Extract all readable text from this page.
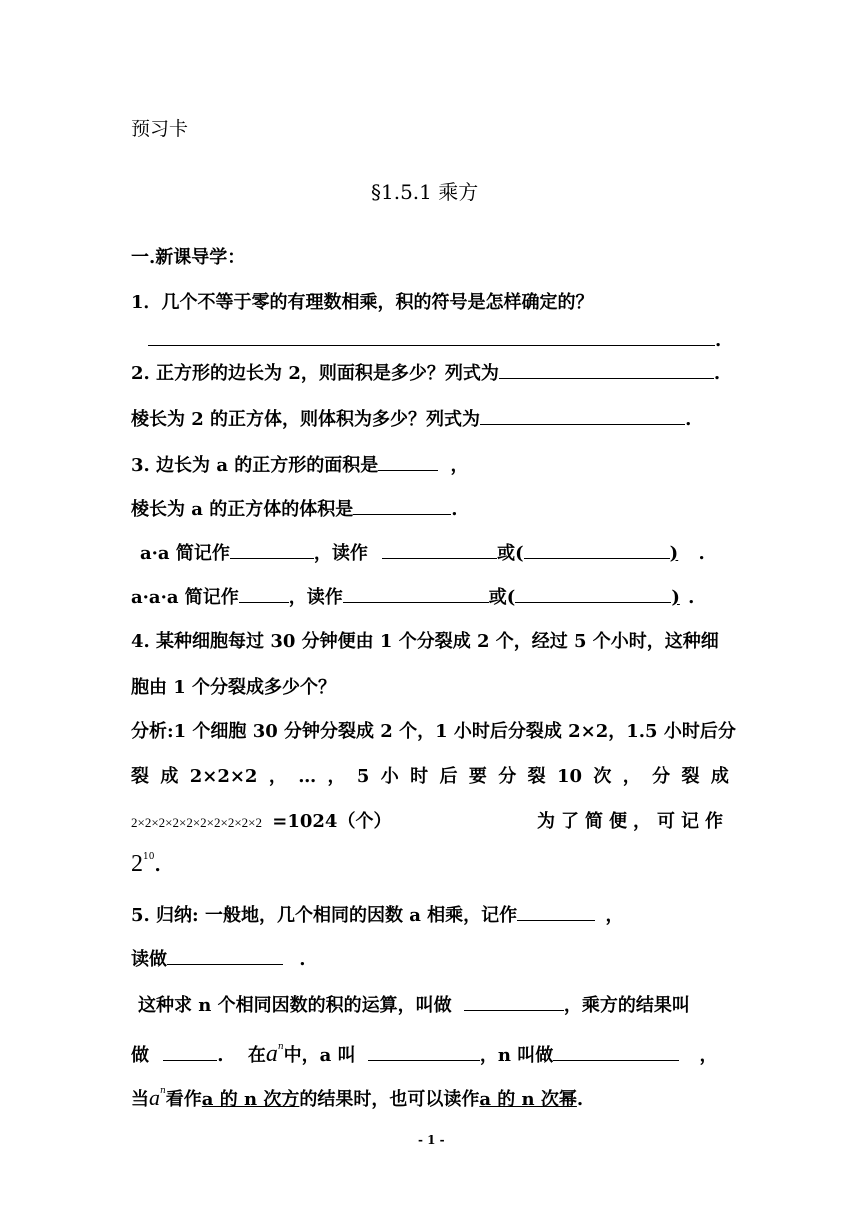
预习卡
§1.5.1 乘方
一.新课导学：
1．几个不等于零的有理数相乘，积的符号是怎样确定的？
.
2. 正方形的边长为 2，则面积是多少？列式为	.
棱长为 2 的正方体，则体积为多少？列式为	.
3. 边长为 a 的正方形的面积是	，
棱长为 a 的正方体的体积是	.
a·a 简记作	，读作	或(	) .
a·a·a 简记作	，读作	或(	) .
4. 某种细胞每过 30 分钟便由 1 个分裂成 2 个，经过 5 个小时，这种细
胞由 1 个分裂成多少个？
分析:1 个细胞 30 分钟分裂成 2 个，1 小时后分裂成 2×2，1.5 小时后分
裂 成 2×2×2 ， … ， 5 小 时 后 要 分 裂 10 次 ， 分 裂 成
2×2×2×2×2×2×2×2×2×2 =1024（个）	为了简便，可记作
$2^{10}$.
5. 归纳: 一般地，几个相同的因数 a 相乘，记作	，
读做	.
这种求 n 个相同因数的积的运算，叫做	，乘方的结果叫
做	. 在$a^n$中，a 叫	，n 叫做	，
当$a^n$看作a 的 n 次方的结果时，也可以读作a 的 n 次幂.
- 1 -
